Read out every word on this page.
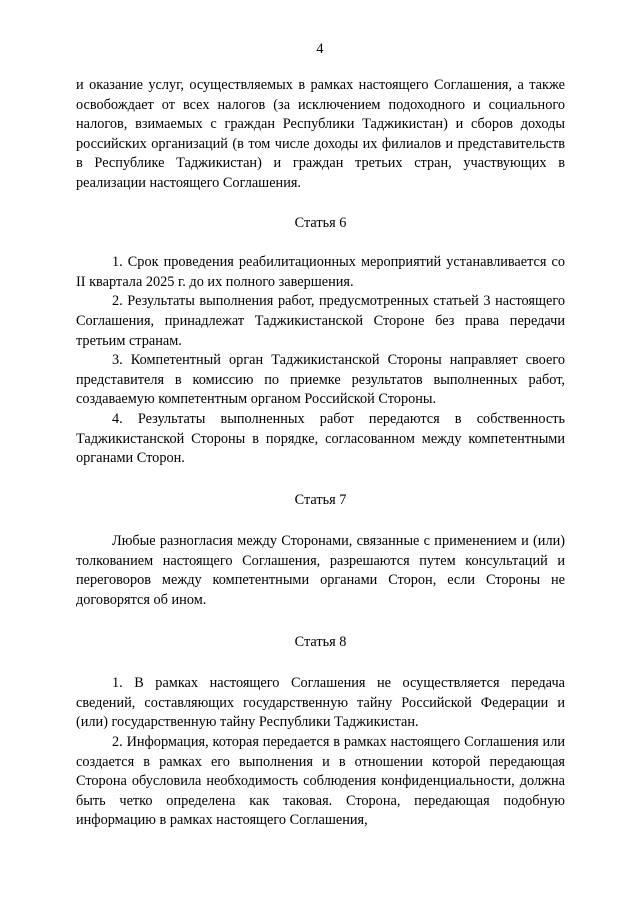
4

и оказание услуг, осуществляемых в рамках настоящего Соглашения, а также освобождает от всех налогов (за исключением подоходного и социального налогов, взимаемых с граждан Республики Таджикистан) и сборов доходы российских организаций (в том числе доходы их филиалов и представительств в Республике Таджикистан) и граждан третьих стран, участвующих в реализации настоящего Соглашения.

Статья 6

1. Срок проведения реабилитационных мероприятий устанавливается со II квартала 2025 г. до их полного завершения.

2. Результаты выполнения работ, предусмотренных статьей 3 настоящего Соглашения, принадлежат Таджикистанской Стороне без права передачи третьим странам.

3. Компетентный орган Таджикистанской Стороны направляет своего представителя в комиссию по приемке результатов выполненных работ, создаваемую компетентным органом Российской Стороны.

4. Результаты выполненных работ передаются в собственность Таджикистанской Стороны в порядке, согласованном между компетентными органами Сторон.

Статья 7

Любые разногласия между Сторонами, связанные с применением и (или) толкованием настоящего Соглашения, разрешаются путем консультаций и переговоров между компетентными органами Сторон, если Стороны не договорятся об ином.

Статья 8

1. В рамках настоящего Соглашения не осуществляется передача сведений, составляющих государственную тайну Российской Федерации и (или) государственную тайну Республики Таджикистан.

2. Информация, которая передается в рамках настоящего Соглашения или создается в рамках его выполнения и в отношении которой передающая Сторона обусловила необходимость соблюдения конфиденциальности, должна быть четко определена как таковая. Сторона, передающая подобную информацию в рамках настоящего Соглашения,
